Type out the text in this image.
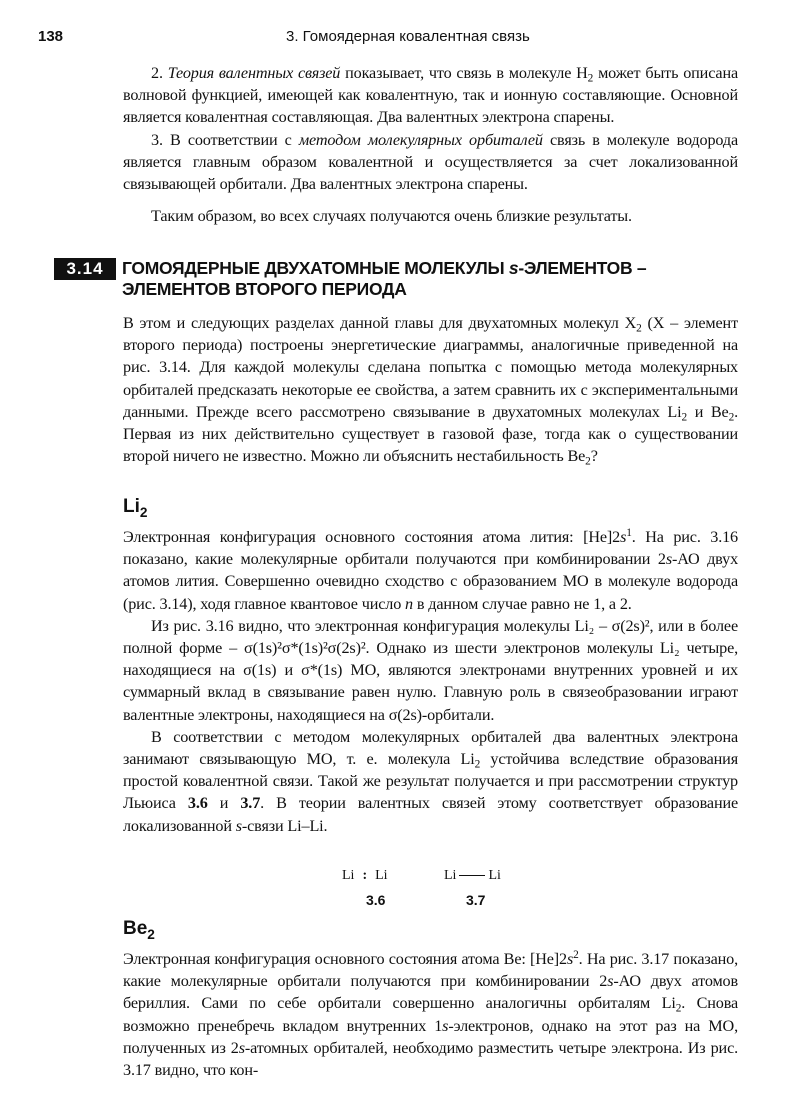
138	3. Гомоядерная ковалентная связь

2. Теория валентных связей показывает, что связь в молекуле $H_2$ может быть описана волновой функцией, имеющей как ковалентную, так и ионную составляющие. Основной является ковалентная составляющая. Два валентных электрона спарены.

3. В соответствии с методом молекулярных орбиталей связь в молекуле водорода является главным образом ковалентной и осуществляется за счет локализованной связывающей орбитали. Два валентных электрона спарены.

Таким образом, во всех случаях получаются очень близкие результаты.

3.14	ГОМОЯДЕРНЫЕ ДВУХАТОМНЫЕ МОЛЕКУЛЫ s-ЭЛЕМЕНТОВ – ЭЛЕМЕНТОВ ВТОРОГО ПЕРИОДА

В этом и следующих разделах данной главы для двухатомных молекул $X_2$ (X – элемент второго периода) построены энергетические диаграммы, аналогичные приведенной на рис. 3.14. Для каждой молекулы сделана попытка с помощью метода молекулярных орбиталей предсказать некоторые ее свойства, а затем сравнить их с экспериментальными данными. Прежде всего рассмотрено связывание в двухатомных молекулах $Li_2$ и $Be_2$. Первая из них действительно существует в газовой фазе, тогда как о существовании второй ничего не известно. Можно ли объяснить нестабильность $Be_2$?

$Li_2$

Электронная конфигурация основного состояния атома лития: $[He]2s^1$. На рис. 3.16 показано, какие молекулярные орбитали получаются при комбинировании 2s-АО двух атомов лития. Совершенно очевидно сходство с образованием МО в молекуле водорода (рис. 3.14), ходя главное квантовое число n в данном случае равно не 1, а 2.

Из рис. 3.16 видно, что электронная конфигурация молекулы Li₂ – σ(2s)², или в более полной форме – σ(1s)²σ*(1s)²σ(2s)². Однако из шести электронов молекулы Li₂ четыре, находящиеся на σ(1s) и σ*(1s) МО, являются электронами внутренних уровней и их суммарный вклад в связывание равен нулю. Главную роль в связеобразовании играют валентные электроны, находящиеся на σ(2s)-орбитали.

В соответствии с методом молекулярных орбиталей два валентных электрона занимают связывающую МО, т. е. молекула $Li_2$ устойчива вследствие образования простой ковалентной связи. Такой же результат получается и при рассмотрении структур Льюиса 3.6 и 3.7. В теории валентных связей этому соответствует образование локализованной s-связи Li–Li.

Li : Li	Li Li
3.6	3.7
$Be_2$

Электронная конфигурация основного состояния атома Be: $[He]2s^2$. На рис. 3.17 показано, какие молекулярные орбитали получаются при комбинировании 2s-АО двух атомов бериллия. Сами по себе орбитали совершенно аналогичны орбиталям $Li_2$. Снова возможно пренебречь вкладом внутренних 1s-электронов, однако на этот раз на МО, полученных из 2s-атомных орбиталей, необходимо разместить четыре электрона. Из рис. 3.17 видно, что кон-
